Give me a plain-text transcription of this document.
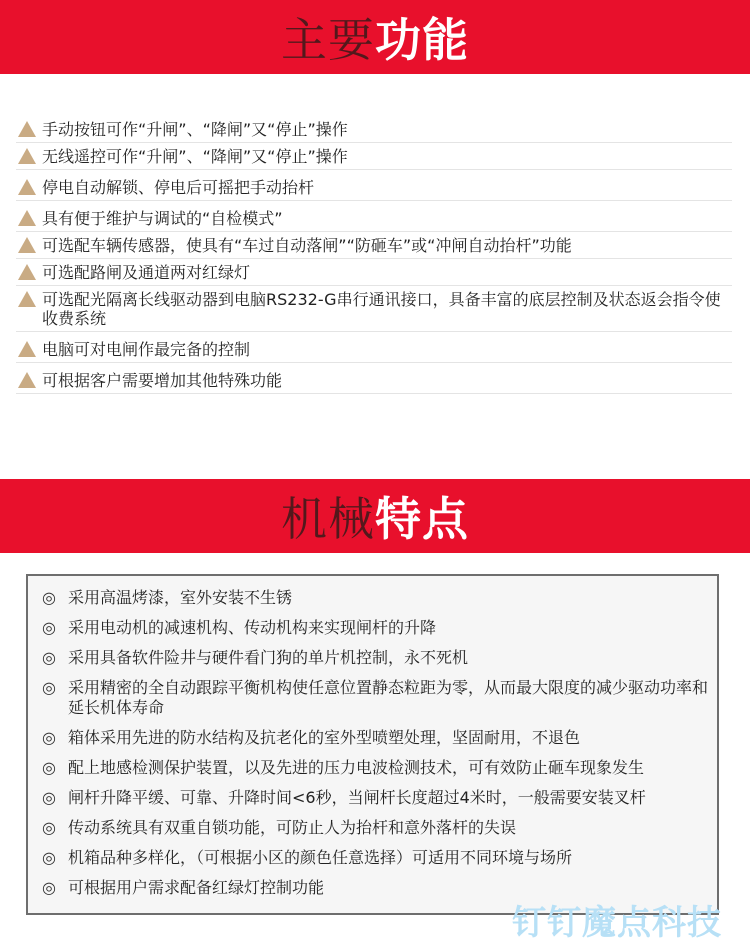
主要 功能
手动按钮可作“升闸”、“降闸”又“停止”操作
无线遥控可作“升闸”、“降闸”又“停止”操作
停电自动解锁、停电后可摇把手动抬杆
具有便于维护与调试的“自检模式”
可选配车辆传感器，使具有“车过自动落闸”“防砸车”或“冲闸自动抬杆”功能
可选配路闸及通道两对红绿灯
可选配光隔离长线驱动器到电脑RS232-G串行通讯接口，具备丰富的底层控制及状态返会指令使收费系统
电脑可对电闸作最完备的控制
可根据客户需要增加其他特殊功能
机械 特点
◎ 采用高温烤漆，室外安装不生锈
◎ 采用电动机的减速机构、传动机构来实现闸杆的升降
◎ 采用具备软件险井与硬件看门狗的单片机控制，永不死机
◎ 采用精密的全自动跟踪平衡机构使任意位置静态粒距为零，从而最大限度的减少驱动功率和延长机体寿命
◎ 箱体采用先进的防水结构及抗老化的室外型喷塑处理，坚固耐用，不退色
◎ 配上地感检测保护装置，以及先进的压力电波检测技术，可有效防止砸车现象发生
◎ 闸杆升降平缓、可靠、升降时间<6秒，当闸杆长度超过4米时，一般需要安装叉杆
◎ 传动系统具有双重自锁功能，可防止人为抬杆和意外落杆的失误
◎ 机箱品种多样化，（可根据小区的颜色任意选择）可适用不同环境与场所
◎ 可根据用户需求配备红绿灯控制功能
钉钉魔点科技
